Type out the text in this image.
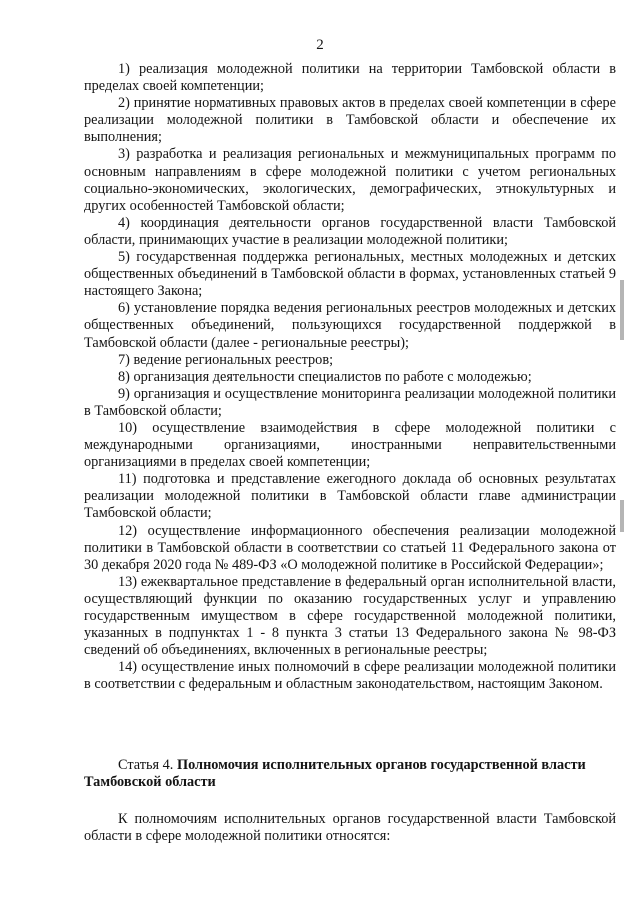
2

1) реализация молодежной политики на территории Тамбовской области в пределах своей компетенции;

2) принятие нормативных правовых актов в пределах своей компетенции в сфере реализации молодежной политики в Тамбовской области и обеспечение их выполнения;

3) разработка и реализация региональных и межмуниципальных программ по основным направлениям в сфере молодежной политики с учетом региональных социально-экономических, экологических, демографических, этнокультурных и других особенностей Тамбовской области;

4) координация деятельности органов государственной власти Тамбовской области, принимающих участие в реализации молодежной политики;

5) государственная поддержка региональных, местных молодежных и детских общественных объединений в Тамбовской области в формах, установленных статьей 9 настоящего Закона;

6) установление порядка ведения региональных реестров молодежных и детских общественных объединений, пользующихся государственной поддержкой в Тамбовской области (далее - региональные реестры);

7) ведение региональных реестров;

8) организация деятельности специалистов по работе с молодежью;

9) организация и осуществление мониторинга реализации молодежной политики в Тамбовской области;

10) осуществление взаимодействия в сфере молодежной политики с международными организациями, иностранными неправительственными организациями в пределах своей компетенции;

11) подготовка и представление ежегодного доклада об основных результатах реализации молодежной политики в Тамбовской области главе администрации Тамбовской области;

12) осуществление информационного обеспечения реализации молодежной политики в Тамбовской области в соответствии со статьей 11 Федерального закона от 30 декабря 2020 года № 489-ФЗ «О молодежной политике в Российской Федерации»;

13) ежеквартальное представление в федеральный орган исполнительной власти, осуществляющий функции по оказанию государственных услуг и управлению государственным имуществом в сфере государственной молодежной политики, указанных в подпунктах 1 - 8 пункта 3 статьи 13 Федерального закона № 98-ФЗ сведений об объединениях, включенных в региональные реестры;

14) осуществление иных полномочий в сфере реализации молодежной политики в соответствии с федеральным и областным законодательством, настоящим Законом.

Статья 4. Полномочия исполнительных органов государственной власти Тамбовской области

К полномочиям исполнительных органов государственной власти Тамбовской области в сфере молодежной политики относятся:
